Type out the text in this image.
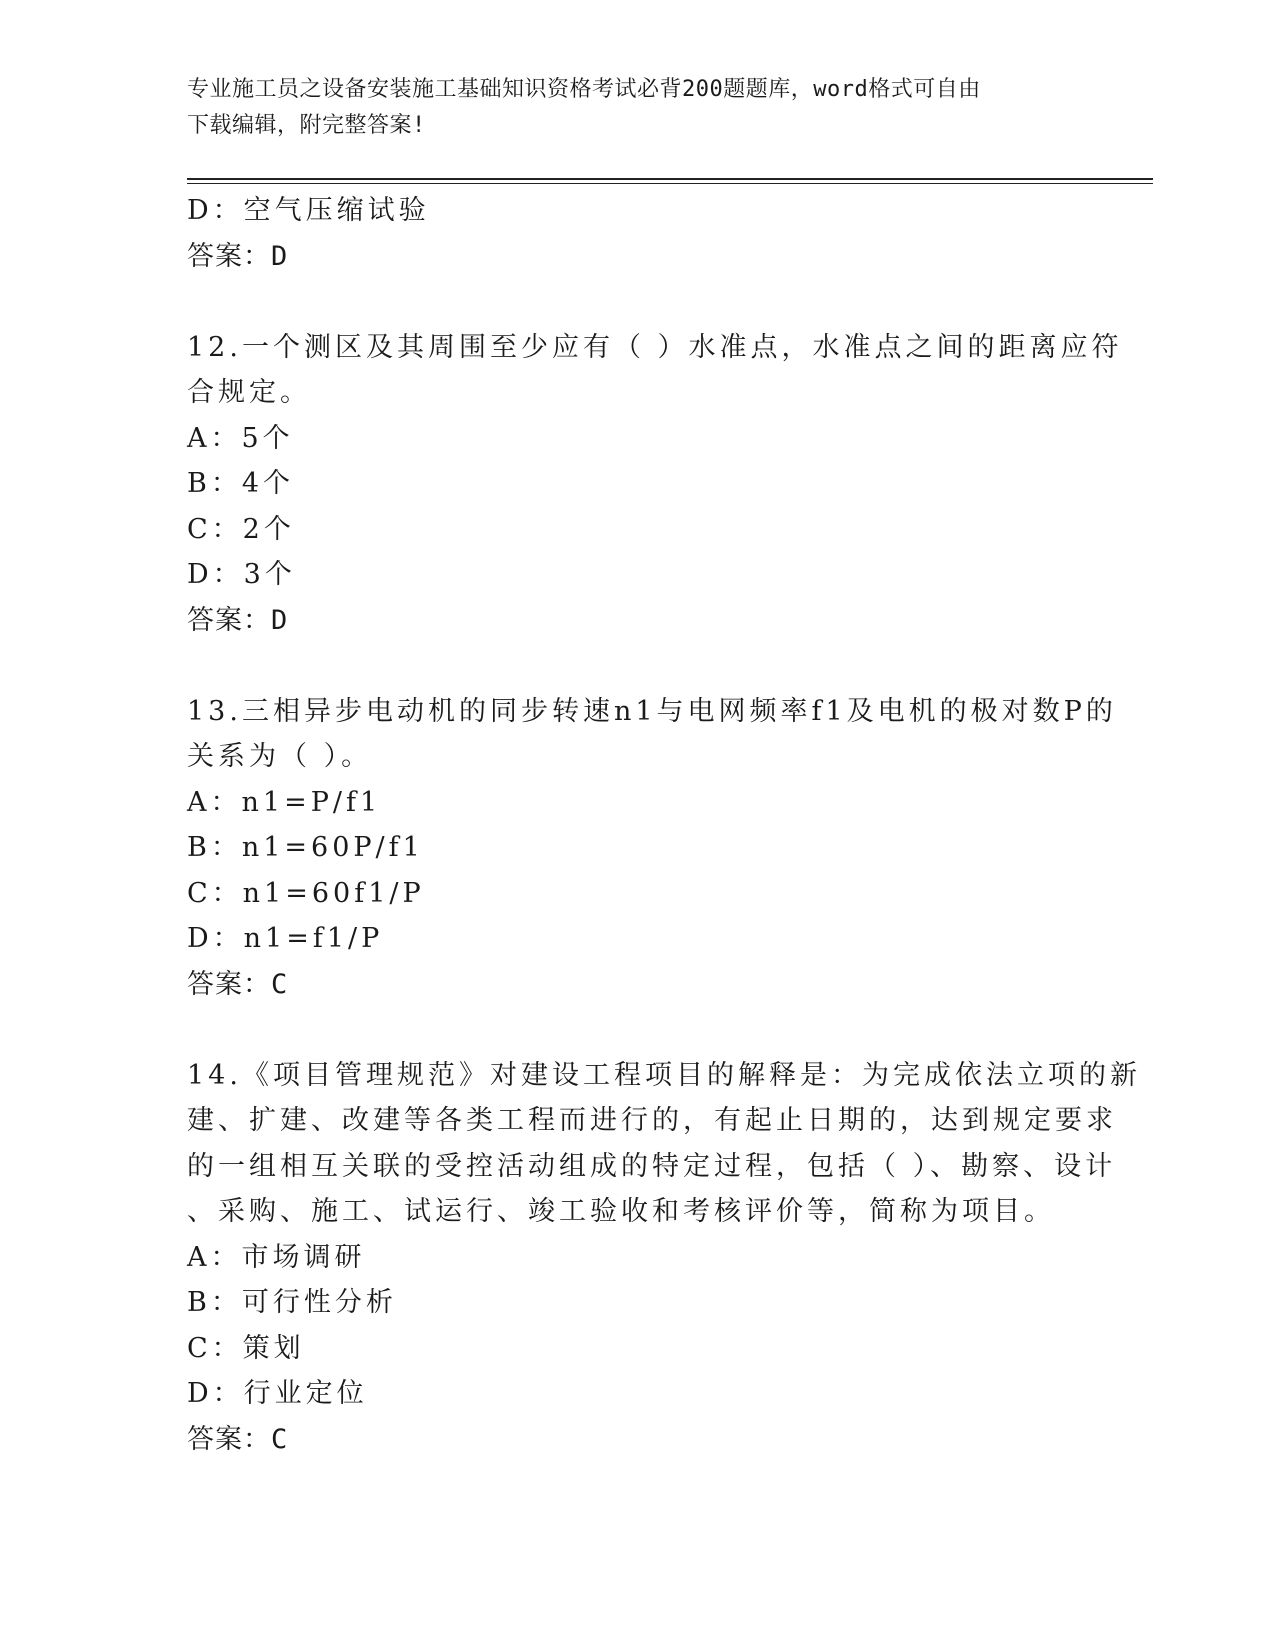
专业施工员之设备安装施工基础知识资格考试必背200题题库，word格式可自由
下载编辑，附完整答案!
D：空气压缩试验
答案：D
12.一个测区及其周围至少应有（ ）水准点，水准点之间的距离应符
合规定。
A：5个
B：4个
C：2个
D：3个
答案：D
13.三相异步电动机的同步转速n1与电网频率f1及电机的极对数P的
关系为（ ）。
A：n1=P/f1
B：n1=60P/f1
C：n1=60f1/P
D：n1=f1/P
答案：C
14.《项目管理规范》对建设工程项目的解释是：为完成依法立项的新
建、扩建、改建等各类工程而进行的，有起止日期的，达到规定要求
的一组相互关联的受控活动组成的特定过程，包括（ ）、勘察、设计
、采购、施工、试运行、竣工验收和考核评价等，简称为项目。
A：市场调研
B：可行性分析
C：策划
D：行业定位
答案：C
